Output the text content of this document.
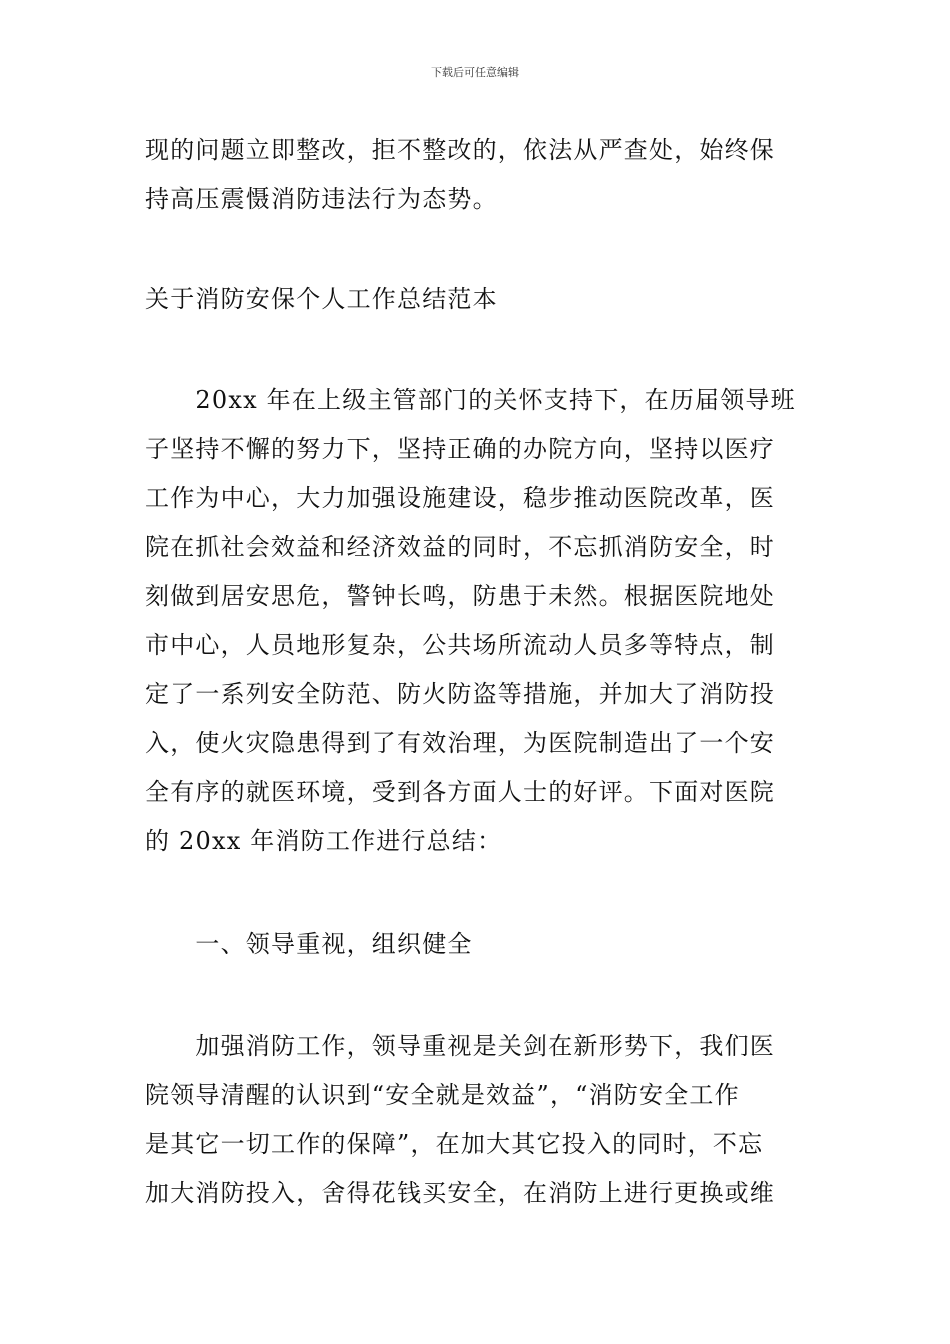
下载后可任意编辑
现的问题立即整改，拒不整改的，依法从严查处，始终保
持高压震慑消防违法行为态势。
关于消防安保个人工作总结范本
　　20xx 年在上级主管部门的关怀支持下，在历届领导班
子坚持不懈的努力下，坚持正确的办院方向，坚持以医疗
工作为中心，大力加强设施建设，稳步推动医院改革，医
院在抓社会效益和经济效益的同时，不忘抓消防安全，时
刻做到居安思危，警钟长鸣，防患于未然。根据医院地处
市中心，人员地形复杂，公共场所流动人员多等特点，制
定了一系列安全防范、防火防盗等措施，并加大了消防投
入，使火灾隐患得到了有效治理，为医院制造出了一个安
全有序的就医环境，受到各方面人士的好评。下面对医院
的 20xx 年消防工作进行总结：
　　一、领导重视，组织健全
　　加强消防工作，领导重视是关剑在新形势下，我们医
院领导清醒的认识到“安全就是效益”，“消防安全工作
是其它一切工作的保障”，在加大其它投入的同时，不忘
加大消防投入，舍得花钱买安全，在消防上进行更换或维
